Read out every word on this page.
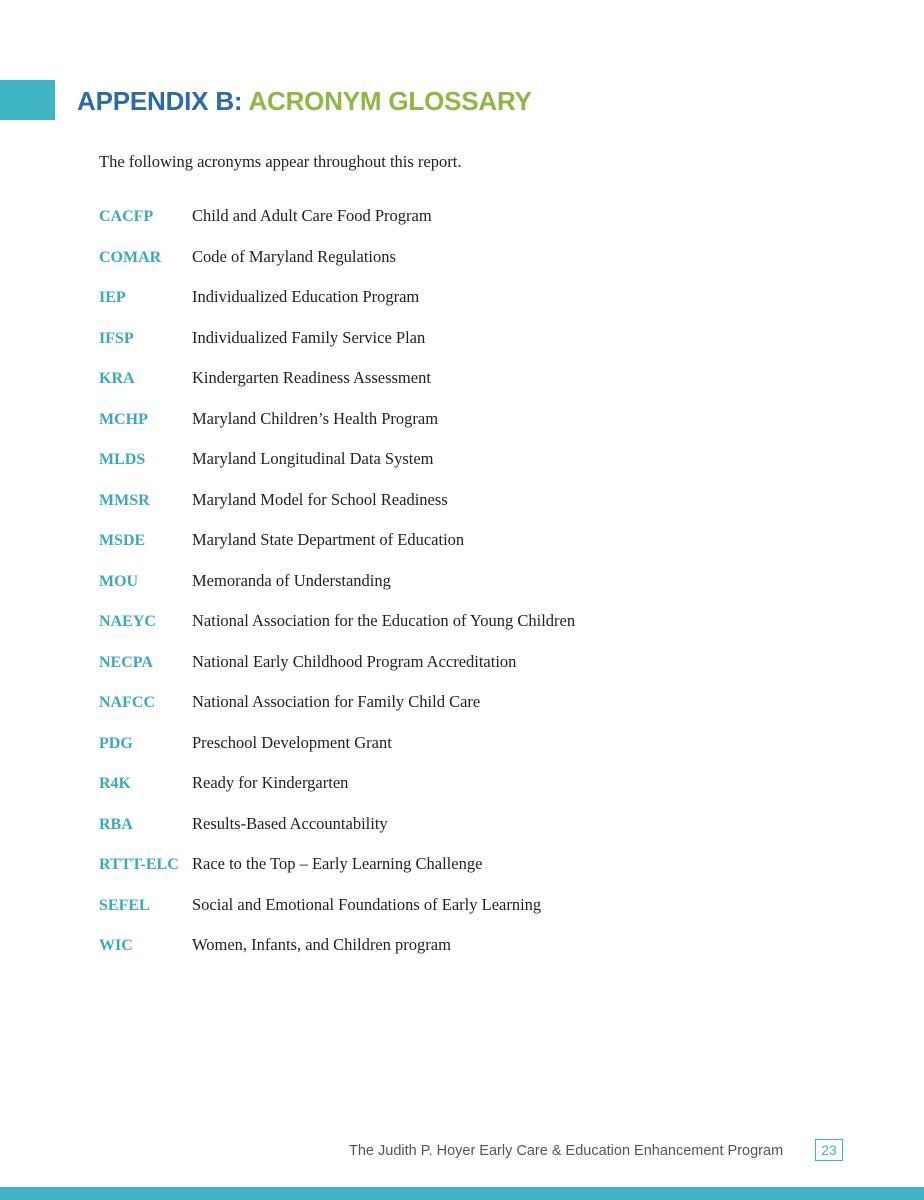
APPENDIX B: ACRONYM GLOSSARY

The following acronyms appear throughout this report.

CACFP	Child and Adult Care Food Program
COMAR	Code of Maryland Regulations
IEP	Individualized Education Program
IFSP	Individualized Family Service Plan
KRA	Kindergarten Readiness Assessment
MCHP	Maryland Children’s Health Program
MLDS	Maryland Longitudinal Data System
MMSR	Maryland Model for School Readiness
MSDE	Maryland State Department of Education
MOU	Memoranda of Understanding
NAEYC	National Association for the Education of Young Children
NECPA	National Early Childhood Program Accreditation
NAFCC	National Association for Family Child Care
PDG	Preschool Development Grant
R4K	Ready for Kindergarten
RBA	Results-Based Accountability
RTTT-ELC Race to the Top – Early Learning Challenge
SEFEL	Social and Emotional Foundations of Early Learning
WIC	Women, Infants, and Children program
The Judith P. Hoyer Early Care & Education Enhancement Program	23
